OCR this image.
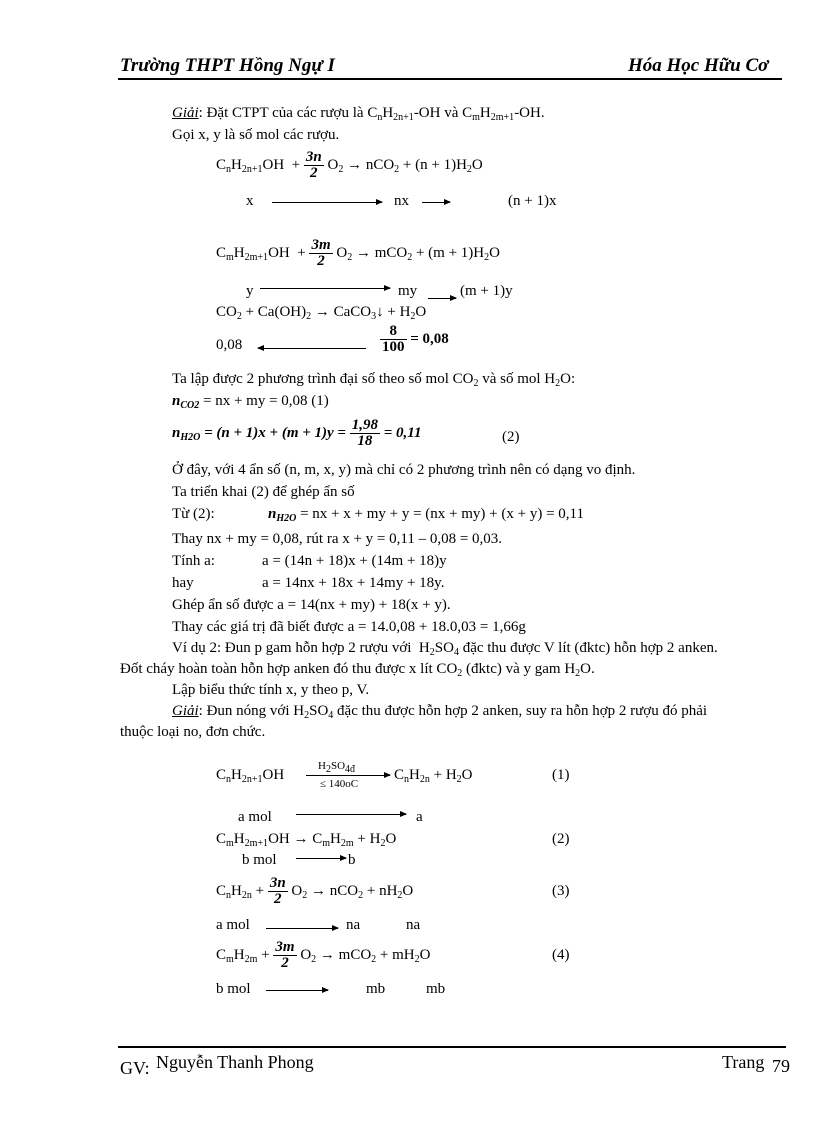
Trường THPT Hồng Ngự I	Hóa Học Hữu Cơ
Giải: Đặt CTPT của các rượu là $C_nH_{2n+1}-OH$ và $C_mH_{2m+1}-OH$.
Gọi x, y là số mol các rượu.
$C_nH_{2n+1}OH + \frac{3n}{2} O_2 \to nCO_2 + (n + 1)H_2O$
x	nx	(n + 1)x
$C_mH_{2m+1}OH + \frac{3m}{2} O_2 \to mCO_2 + (m + 1)H_2O$
y	my	(m + 1)y
$CO_2 + Ca(OH)_2$ → CaCO$_3$↓ + $H_2O$
0,08	$\frac{8}{100} = 0,08$
Ta lập được 2 phương trình đại số theo số mol $CO_2$ và số mol $H_2O$:
$n_{CO2}$ = nx + my = 0,08 (1)
$n_{H2O} = (n + 1)x + (m + 1)y = \frac{1,98}{18} = 0,11$	(2)
Ở đây, với 4 ẩn số (n, m, x, y) mà chỉ có 2 phương trình nên có dạng vo định.
Ta triển khai (2) để ghép ẩn số
Từ (2):	$n_{H2O}$ = nx + x + my + y = (nx + my) + (x + y) = 0,11
Thay nx + my = 0,08, rút ra x + y = 0,11 – 0,08 = 0,03.
Tính a:	a = (14n + 18)x + (14m + 18)y
hay	a = 14nx + 18x + 14my + 18y.
Ghép ẩn số được a = 14(nx + my) + 18(x + y).
Thay các giá trị đã biết được a = 14.0,08 + 18.0,03 = 1,66g
Ví dụ 2: Đun p gam hỗn hợp 2 rượu với  $H_2SO_4$ đặc thu được V lít (đktc) hỗn hợp 2 anken.
Đốt cháy hoàn toàn hỗn hợp anken đó thu được x lít $CO_2$ (đktc) và y gam $H_2O$.
Lập biểu thức tính x, y theo p, V.
Giải: Đun nóng với $H_2SO_4$ đặc thu được hỗn hợp 2 anken, suy ra hỗn hợp 2 rượu đó phải
thuộc loại no, đơn chức.
$C_nH_{2n+1}OH$
$H_2SO_{4đ}$
≤ 140oC
$C_nH_{2n} + H_2O$	(1)
a mol	a
$C_mH_{2m+1}OH \to C_mH_{2m} + H_2O$	(2)
b mol	b
$C_nH_{2n} + \frac{3n}{2} O_2 \to nCO_2 + nH_2O$	(3)
a mol	na	na
$C_mH_{2m} + \frac{3m}{2} O_2 \to mCO_2 + mH_2O$	(4)
b mol	mb	mb
GV: Nguyễn Thanh Phong	Trang 79
